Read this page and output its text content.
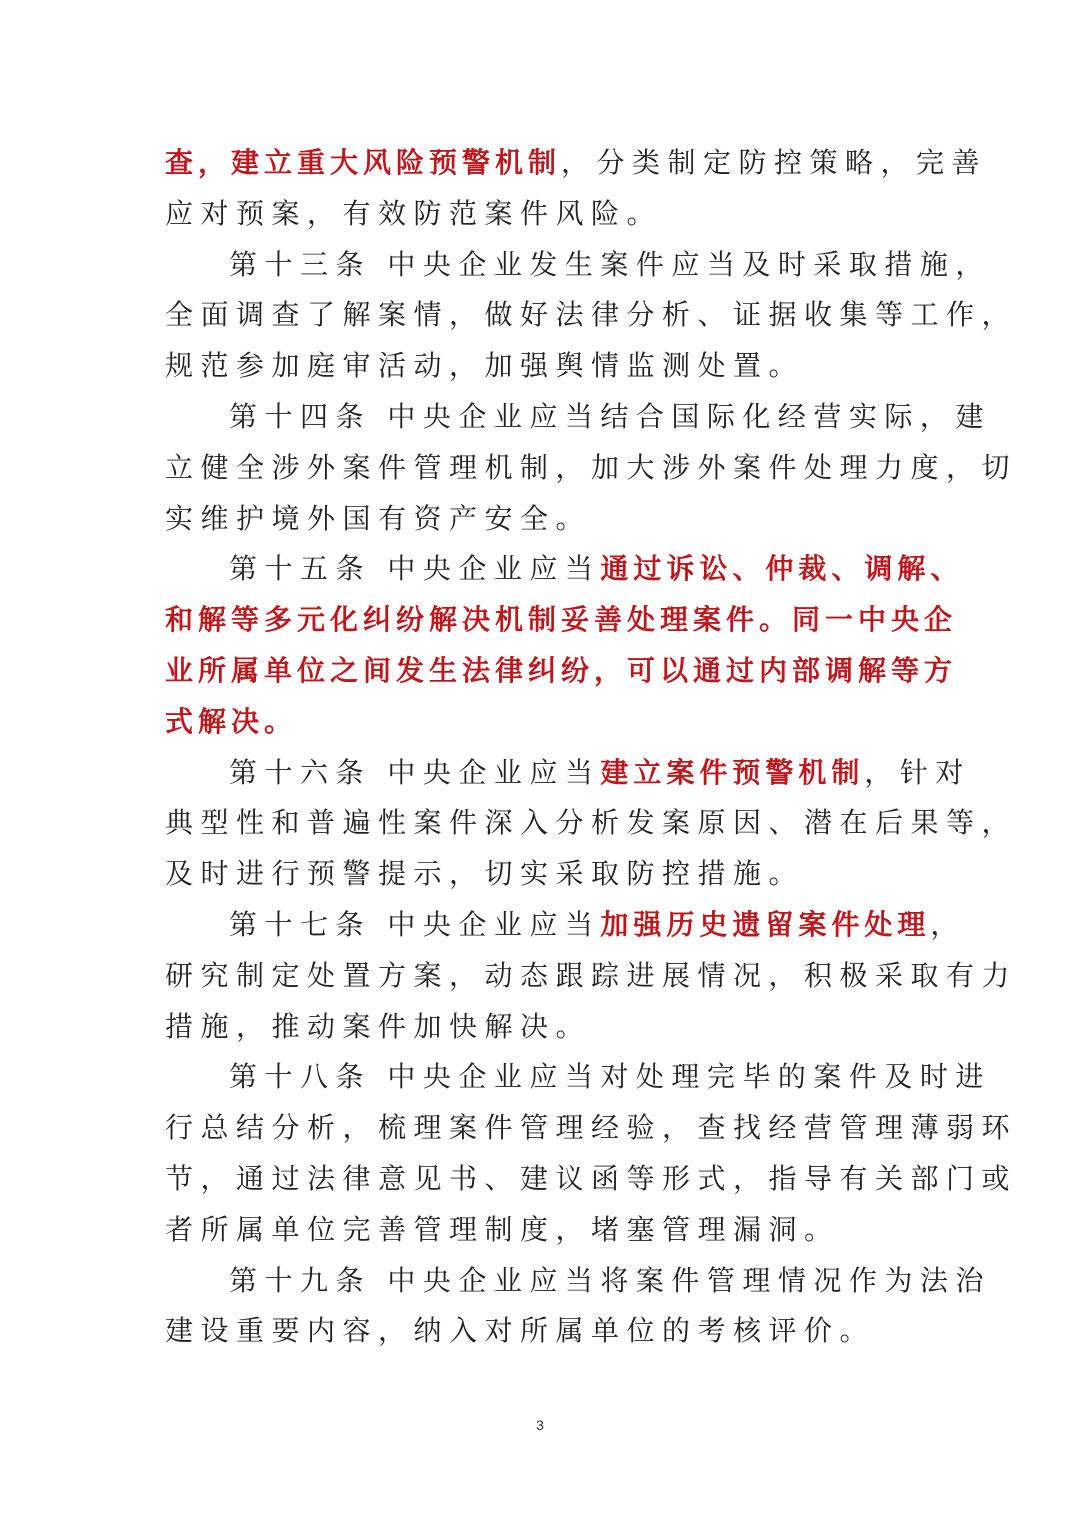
查，建立重大风险预警机制，分类制定防控策略，完善
应对预案，有效防范案件风险。
第十三条 中央企业发生案件应当及时采取措施，
全面调查了解案情，做好法律分析、证据收集等工作，
规范参加庭审活动，加强舆情监测处置。
第十四条 中央企业应当结合国际化经营实际，建
立健全涉外案件管理机制，加大涉外案件处理力度，切
实维护境外国有资产安全。
第十五条 中央企业应当通过诉讼、仲裁、调解、
和解等多元化纠纷解决机制妥善处理案件。同一中央企
业所属单位之间发生法律纠纷，可以通过内部调解等方
式解决。
第十六条 中央企业应当建立案件预警机制，针对
典型性和普遍性案件深入分析发案原因、潜在后果等，
及时进行预警提示，切实采取防控措施。
第十七条 中央企业应当加强历史遗留案件处理，
研究制定处置方案，动态跟踪进展情况，积极采取有力
措施，推动案件加快解决。
第十八条 中央企业应当对处理完毕的案件及时进
行总结分析，梳理案件管理经验，查找经营管理薄弱环
节，通过法律意见书、建议函等形式，指导有关部门或
者所属单位完善管理制度，堵塞管理漏洞。
第十九条 中央企业应当将案件管理情况作为法治
建设重要内容，纳入对所属单位的考核评价。
3
